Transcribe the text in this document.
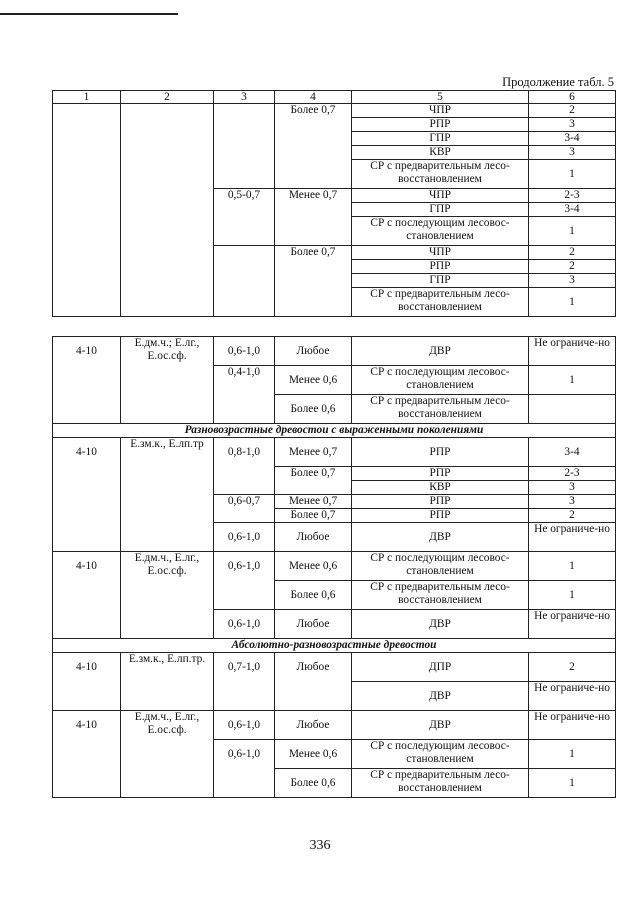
Продолжение табл. 5
1	2	3	4	5	6
			Более 0,7	ЧПР	2
				РПР	3
				ГПР	3-4
				КВР	3
				СР с предварительным лесо-восстановлением	1
		0,5-0,7	Менее 0,7	ЧПР	2-3
				ГПР	3-4
				СР с последующим лесовос-становлением	1
			Более 0,7	ЧПР	2
				РПР	2
				ГПР	3
				СР с предварительным лесо-восстановлением	1
4-10	Е.дм.ч.; Е.лг., Е.ос.сф.	0,6-1,0	Любое	ДВР	Не ограниче-но
		0,4-1,0	Менее 0,6	СР с последующим лесовос-становлением	1
			Более 0,6	СР с предварительным лесо-восстановлением	
Разновозрастные древостои с выраженными поколениями					
4-10	Е.зм.к., Е.лп.тр	0,8-1,0	Менее 0,7	РПР	3-4
			Более 0,7	РПР	2-3
				КВР	3
		0,6-0,7	Менее 0,7	РПР	3
			Более 0,7	РПР	2
		0,6-1,0	Любое	ДВР	Не ограниче-но
4-10	Е.дм.ч., Е.лг., Е.ос.сф.	0,6-1,0	Менее 0,6	СР с последующим лесовос-становлением	1
			Более 0,6	СР с предварительным лесо-восстановлением	1
		0,6-1,0	Любое	ДВР	Не ограниче-но
Абсолютно-разновозрастные древостои					
4-10	Е.зм.к., Е.лп.тр.	0,7-1,0	Любое	ДПР	2
				ДВР	Не ограниче-но
4-10	Е.дм.ч., Е.лг., Е.ос.сф.	0,6-1,0	Любое	ДВР	Не ограниче-но
		0,6-1,0	Менее 0,6	СР с последующим лесовос-становлением	1
			Более 0,6	СР с предварительным лесо-восстановлением	1
336
